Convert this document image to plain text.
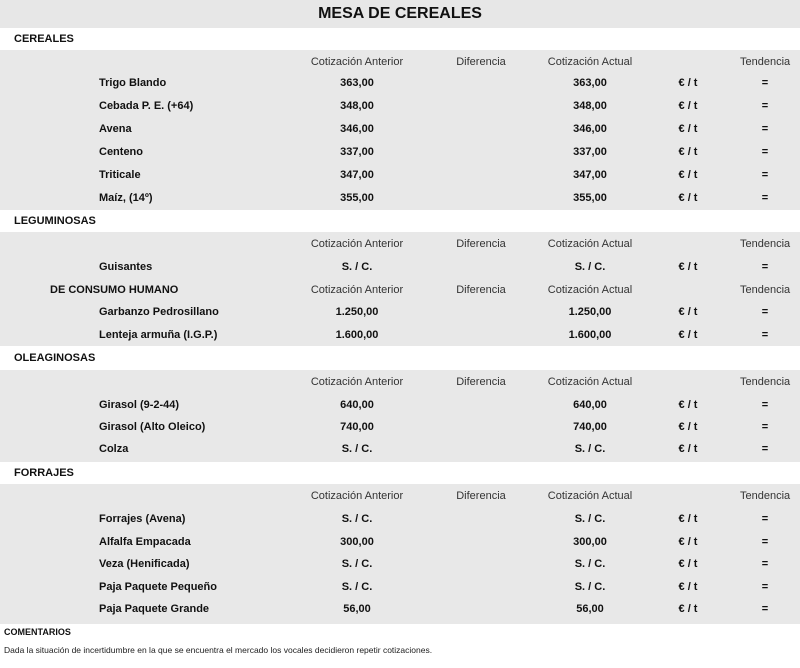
MESA DE CEREALES
CEREALES
Cotización Anterior	Diferencia	Cotización Actual	Tendencia
Trigo Blando	363,00	363,00	€ / t	=
Cebada P. E. (+64)	348,00	348,00	€ / t	=
Avena	346,00	346,00	€ / t	=
Centeno	337,00	337,00	€ / t	=
Triticale	347,00	347,00	€ / t	=
Maíz, (14º)	355,00	355,00	€ / t	=
LEGUMINOSAS
Cotización Anterior	Diferencia	Cotización Actual	Tendencia
Guisantes	S. / C.	S. / C.	€ / t	=
DE CONSUMO HUMANO	Cotización Anterior	Diferencia	Cotización Actual	Tendencia
Garbanzo Pedrosillano	1.250,00	1.250,00	€ / t	=
Lenteja armuña (I.G.P.)	1.600,00	1.600,00	€ / t	=
OLEAGINOSAS
Cotización Anterior	Diferencia	Cotización Actual	Tendencia
Girasol (9-2-44)	640,00	640,00	€ / t	=
Girasol (Alto Oleico)	740,00	740,00	€ / t	=
Colza	S. / C.	S. / C.	€ / t	=
FORRAJES
Cotización Anterior	Diferencia	Cotización Actual	Tendencia
Forrajes (Avena)	S. / C.	S. / C.	€ / t	=
Alfalfa Empacada	300,00	300,00	€ / t	=
Veza (Henificada)	S. / C.	S. / C.	€ / t	=
Paja Paquete Pequeño	S. / C.	S. / C.	€ / t	=
Paja Paquete Grande	56,00	56,00	€ / t	=
COMENTARIOS
Dada la situación de incertidumbre en la que se encuentra el mercado los vocales decidieron repetir cotizaciones.
